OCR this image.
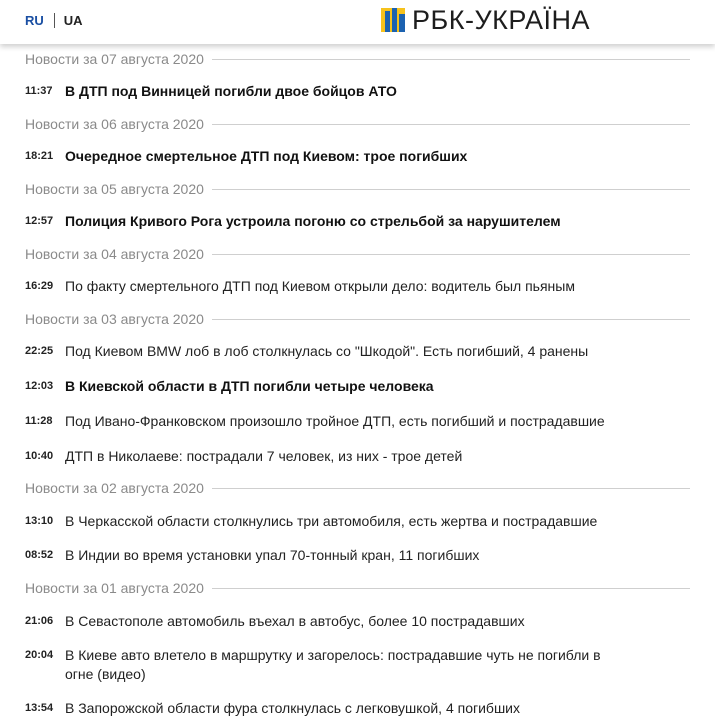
RU UA	РБК-УКРАЇНА
Новости за 07 августа 2020
11:37 В ДТП под Винницей погибли двое бойцов АТО
Новости за 06 августа 2020
18:21 Очередное смертельное ДТП под Киевом: трое погибших
Новости за 05 августа 2020
12:57 Полиция Кривого Рога устроила погоню со стрельбой за нарушителем
Новости за 04 августа 2020
16:29 По факту смертельного ДТП под Киевом открыли дело: водитель был пьяным
Новости за 03 августа 2020
22:25 Под Киевом BMW лоб в лоб столкнулась со "Шкодой". Есть погибший, 4 ранены
12:03 В Киевской области в ДТП погибли четыре человека
11:28 Под Ивано-Франковском произошло тройное ДТП, есть погибший и пострадавшие
10:40 ДТП в Николаеве: пострадали 7 человек, из них - трое детей
Новости за 02 августа 2020
13:10 В Черкасской области столкнулись три автомобиля, есть жертва и пострадавшие
08:52 В Индии во время установки упал 70-тонный кран, 11 погибших
Новости за 01 августа 2020
21:06 В Севастополе автомобиль въехал в автобус, более 10 пострадавших
20:04 В Киеве авто влетело в маршрутку и загорелось: пострадавшие чуть не погибли в огне (видео)
13:54 В Запорожской области фура столкнулась с легковушкой, 4 погибших
